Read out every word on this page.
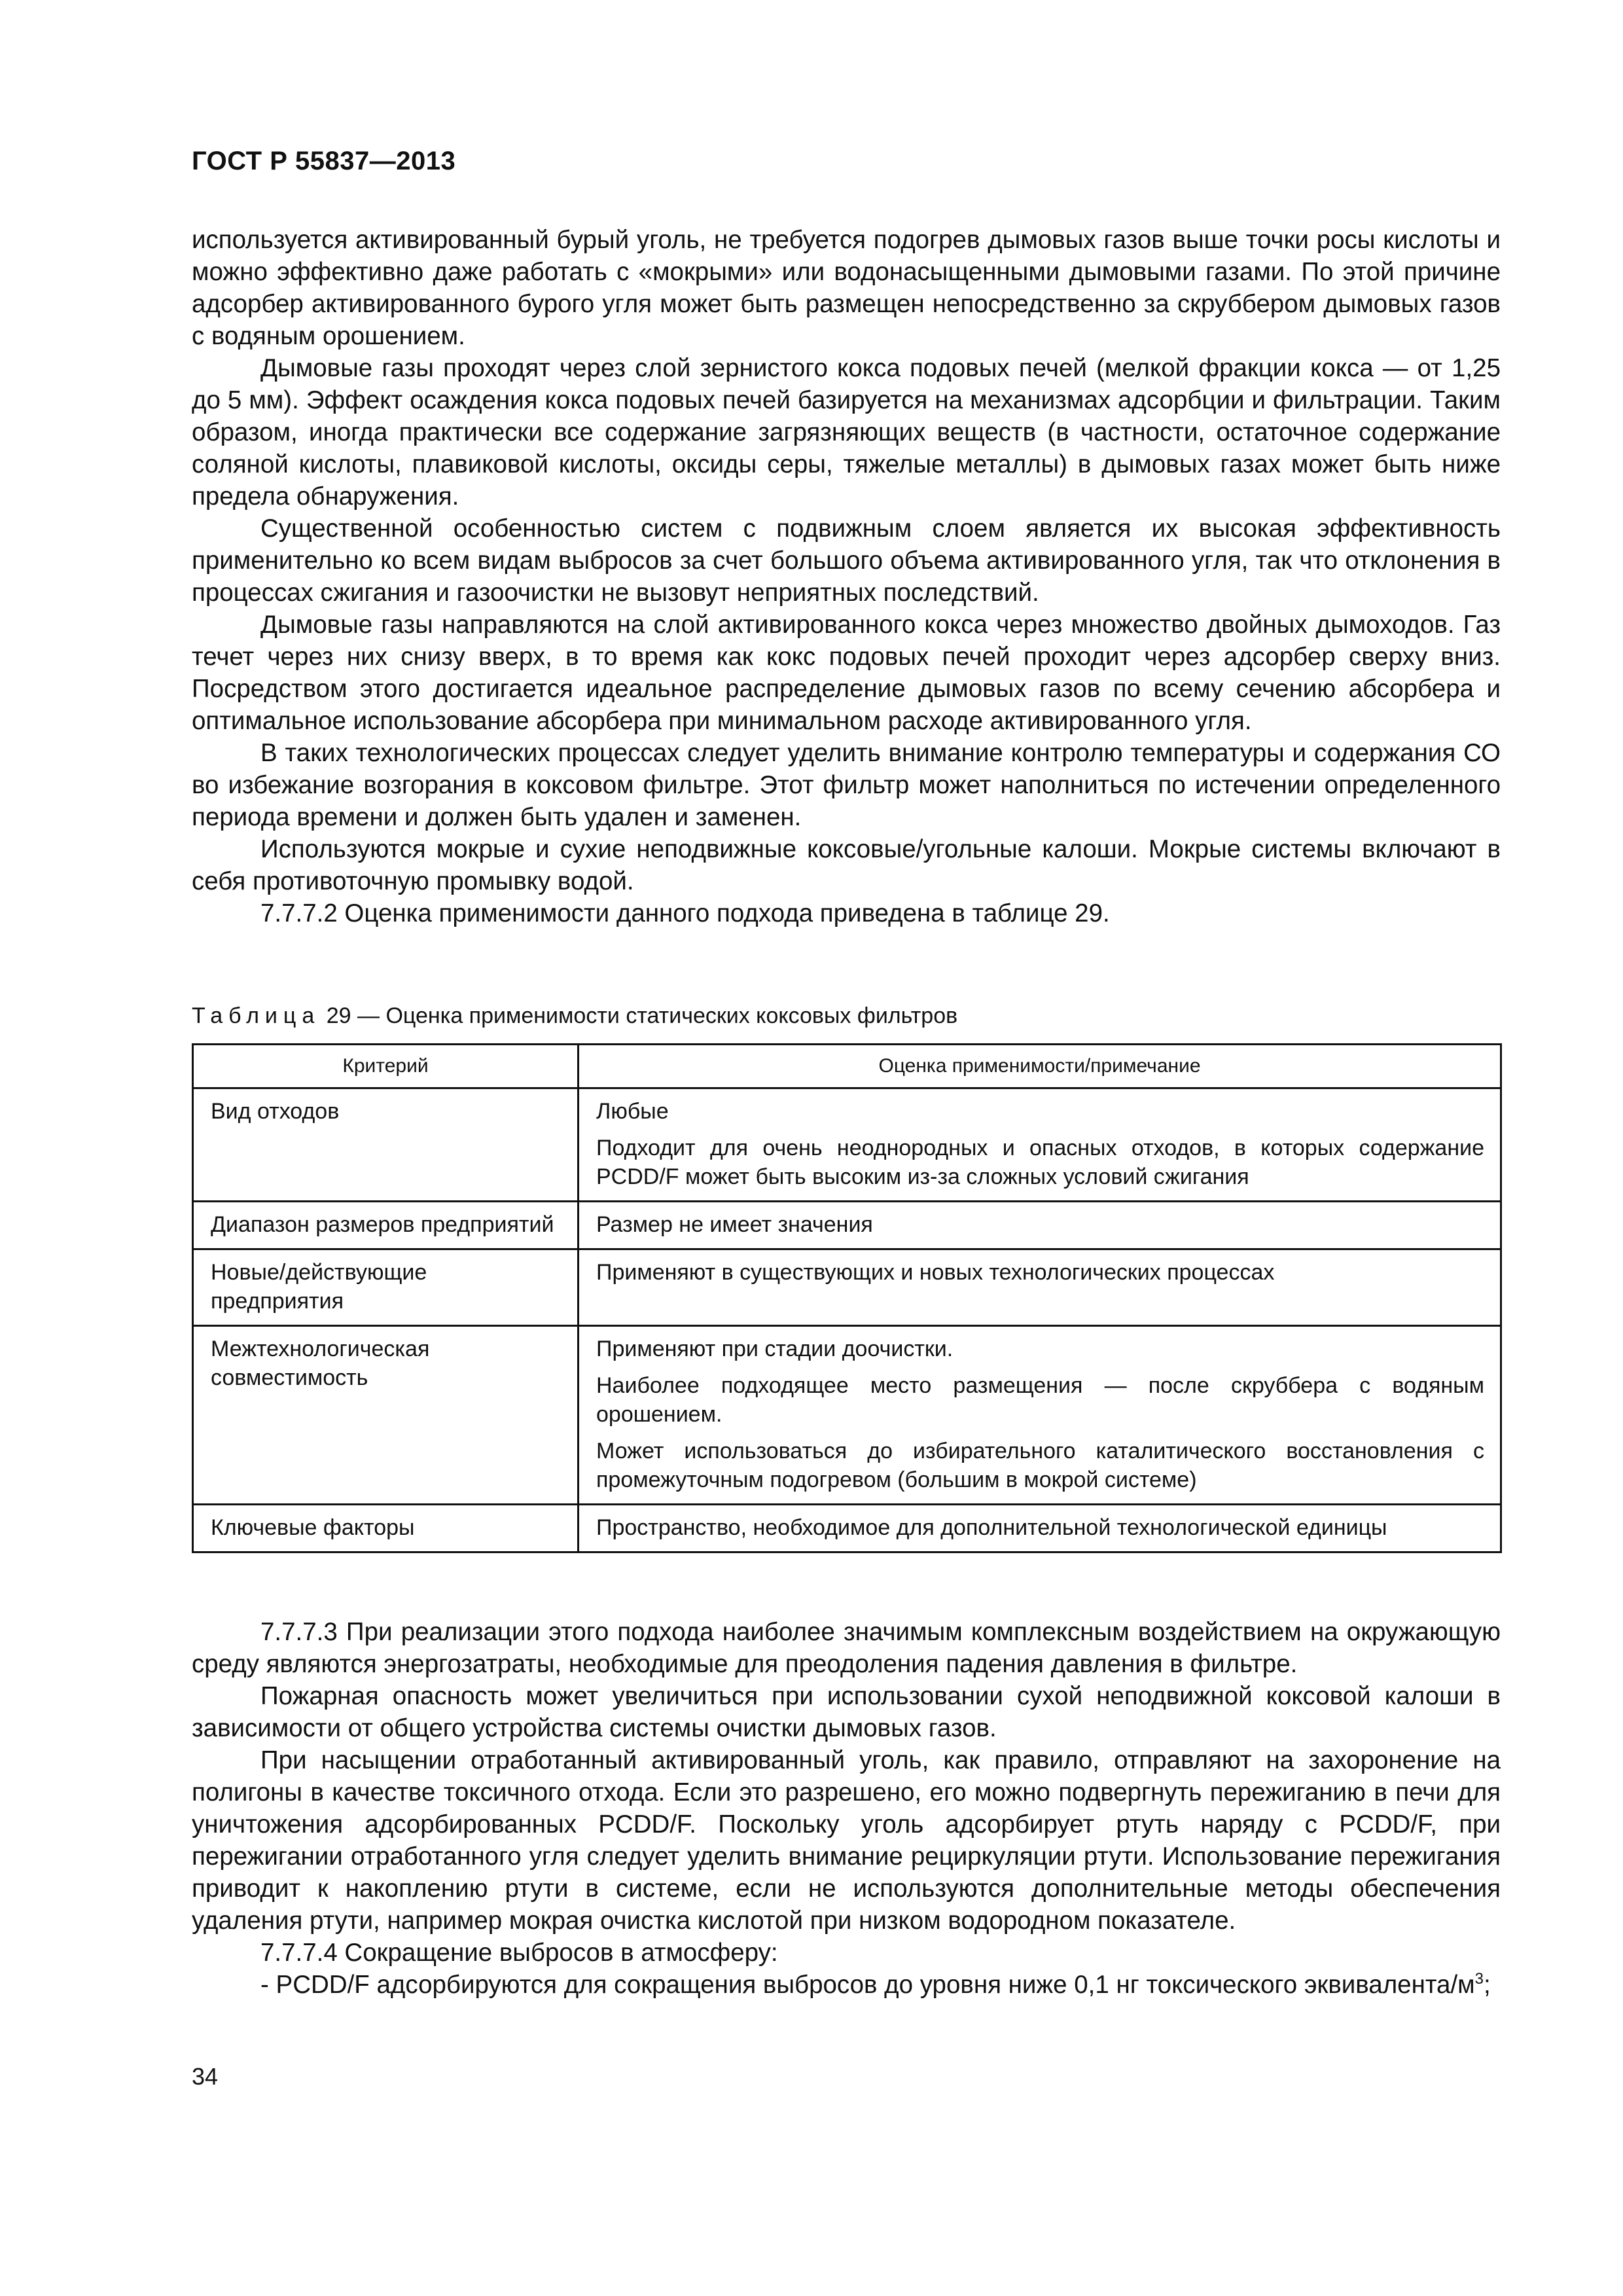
ГОСТ Р 55837—2013

используется активированный бурый уголь, не требуется подогрев дымовых газов выше точки росы кислоты и можно эффективно даже работать с «мокрыми» или водонасыщенными дымовыми газами. По этой причине адсорбер активированного бурого угля может быть размещен непосредственно за скруббером дымовых газов с водяным орошением.

Дымовые газы проходят через слой зернистого кокса подовых печей (мелкой фракции кокса — от 1,25 до 5 мм). Эффект осаждения кокса подовых печей базируется на механизмах адсорбции и фильтрации. Таким образом, иногда практически все содержание загрязняющих веществ (в частности, остаточное содержание соляной кислоты, плавиковой кислоты, оксиды серы, тяжелые металлы) в дымовых газах может быть ниже предела обнаружения.

Существенной особенностью систем с подвижным слоем является их высокая эффективность применительно ко всем видам выбросов за счет большого объема активированного угля, так что отклонения в процессах сжигания и газоочистки не вызовут неприятных последствий.

Дымовые газы направляются на слой активированного кокса через множество двойных дымоходов. Газ течет через них снизу вверх, в то время как кокс подовых печей проходит через адсорбер сверху вниз. Посредством этого достигается идеальное распределение дымовых газов по всему сечению абсорбера и оптимальное использование абсорбера при минимальном расходе активированного угля.

В таких технологических процессах следует уделить внимание контролю температуры и содержания СО во избежание возгорания в коксовом фильтре. Этот фильтр может наполниться по истечении определенного периода времени и должен быть удален и заменен.

Используются мокрые и сухие неподвижные коксовые/угольные калоши. Мокрые системы включают в себя противоточную промывку водой.

7.7.7.2 Оценка применимости данного подхода приведена в таблице 29.

Таблица 29 — Оценка применимости статических коксовых фильтров
Критерий	Оценка применимости/примечание
Вид отходов	Любые
Подходит для очень неоднородных и опасных отходов, в которых содержание PCDD/F может быть высоким из-за сложных условий сжигания

Диапазон размеров предприятий	Размер не имеет значения

Новые/действующие предприятия	Применяют в существующих и новых технологических процессах

Межтехнологическая совместимость	Применяют при стадии доочистки.
Наиболее подходящее место размещения — после скруббера с водяным орошением.
Может использоваться до избирательного каталитического восстановления с промежуточным подогревом (большим в мокрой системе)

Ключевые факторы	Пространство, необходимое для дополнительной технологической единицы

7.7.7.3 При реализации этого подхода наиболее значимым комплексным воздействием на окружающую среду являются энергозатраты, необходимые для преодоления падения давления в фильтре.

Пожарная опасность может увеличиться при использовании сухой неподвижной коксовой калоши в зависимости от общего устройства системы очистки дымовых газов.

При насыщении отработанный активированный уголь, как правило, отправляют на захоронение на полигоны в качестве токсичного отхода. Если это разрешено, его можно подвергнуть пережиганию в печи для уничтожения адсорбированных PCDD/F. Поскольку уголь адсорбирует ртуть наряду с PCDD/F, при пережигании отработанного угля следует уделить внимание рециркуляции ртути. Использование пережигания приводит к накоплению ртути в системе, если не используются дополнительные методы обеспечения удаления ртути, например мокрая очистка кислотой при низком водородном показателе.

7.7.7.4 Сокращение выбросов в атмосферу:

- PCDD/F адсорбируются для сокращения выбросов до уровня ниже 0,1 нг токсического эквивалента/$м^3$;

34
